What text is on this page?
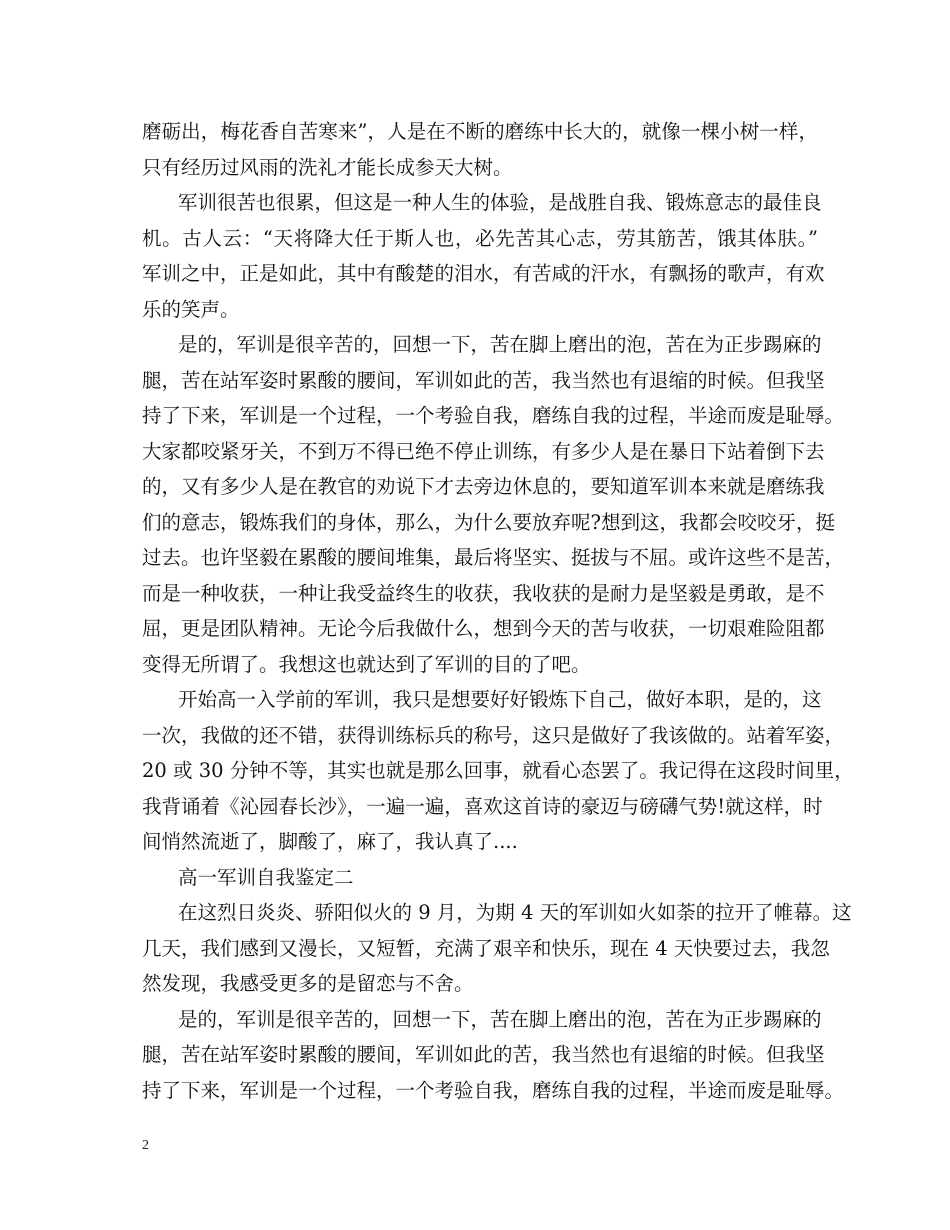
磨砺出，梅花香自苦寒来”，人是在不断的磨练中长大的，就像一棵小树一样，
只有经历过风雨的洗礼才能长成参天大树。
军训很苦也很累，但这是一种人生的体验，是战胜自我、锻炼意志的最佳良
机。古人云：“天将降大任于斯人也，必先苦其心志，劳其筋苦，饿其体肤。”
军训之中，正是如此，其中有酸楚的泪水，有苦咸的汗水，有飘扬的歌声，有欢
乐的笑声。
是的，军训是很辛苦的，回想一下，苦在脚上磨出的泡，苦在为正步踢麻的
腿，苦在站军姿时累酸的腰间，军训如此的苦，我当然也有退缩的时候。但我坚
持了下来，军训是一个过程，一个考验自我，磨练自我的过程，半途而废是耻辱。
大家都咬紧牙关，不到万不得已绝不停止训练，有多少人是在暴日下站着倒下去
的，又有多少人是在教官的劝说下才去旁边休息的，要知道军训本来就是磨练我
们的意志，锻炼我们的身体，那么，为什么要放弃呢?想到这，我都会咬咬牙，挺
过去。也许坚毅在累酸的腰间堆集，最后将坚实、挺拔与不屈。或许这些不是苦，
而是一种收获，一种让我受益终生的收获，我收获的是耐力是坚毅是勇敢，是不
屈，更是团队精神。无论今后我做什么，想到今天的苦与收获，一切艰难险阻都
变得无所谓了。我想这也就达到了军训的目的了吧。
开始高一入学前的军训，我只是想要好好锻炼下自己，做好本职，是的，这
一次，我做的还不错，获得训练标兵的称号，这只是做好了我该做的。站着军姿，
20 或 30 分钟不等，其实也就是那么回事，就看心态罢了。我记得在这段时间里，
我背诵着《沁园春长沙》，一遍一遍，喜欢这首诗的豪迈与磅礴气势!就这样，时
间悄然流逝了，脚酸了，麻了，我认真了....
高一军训自我鉴定二
在这烈日炎炎、骄阳似火的 9 月，为期 4 天的军训如火如荼的拉开了帷幕。这
几天，我们感到又漫长，又短暂，充满了艰辛和快乐，现在 4 天快要过去，我忽
然发现，我感受更多的是留恋与不舍。
是的，军训是很辛苦的，回想一下，苦在脚上磨出的泡，苦在为正步踢麻的
腿，苦在站军姿时累酸的腰间，军训如此的苦，我当然也有退缩的时候。但我坚
持了下来，军训是一个过程，一个考验自我，磨练自我的过程，半途而废是耻辱。
2
